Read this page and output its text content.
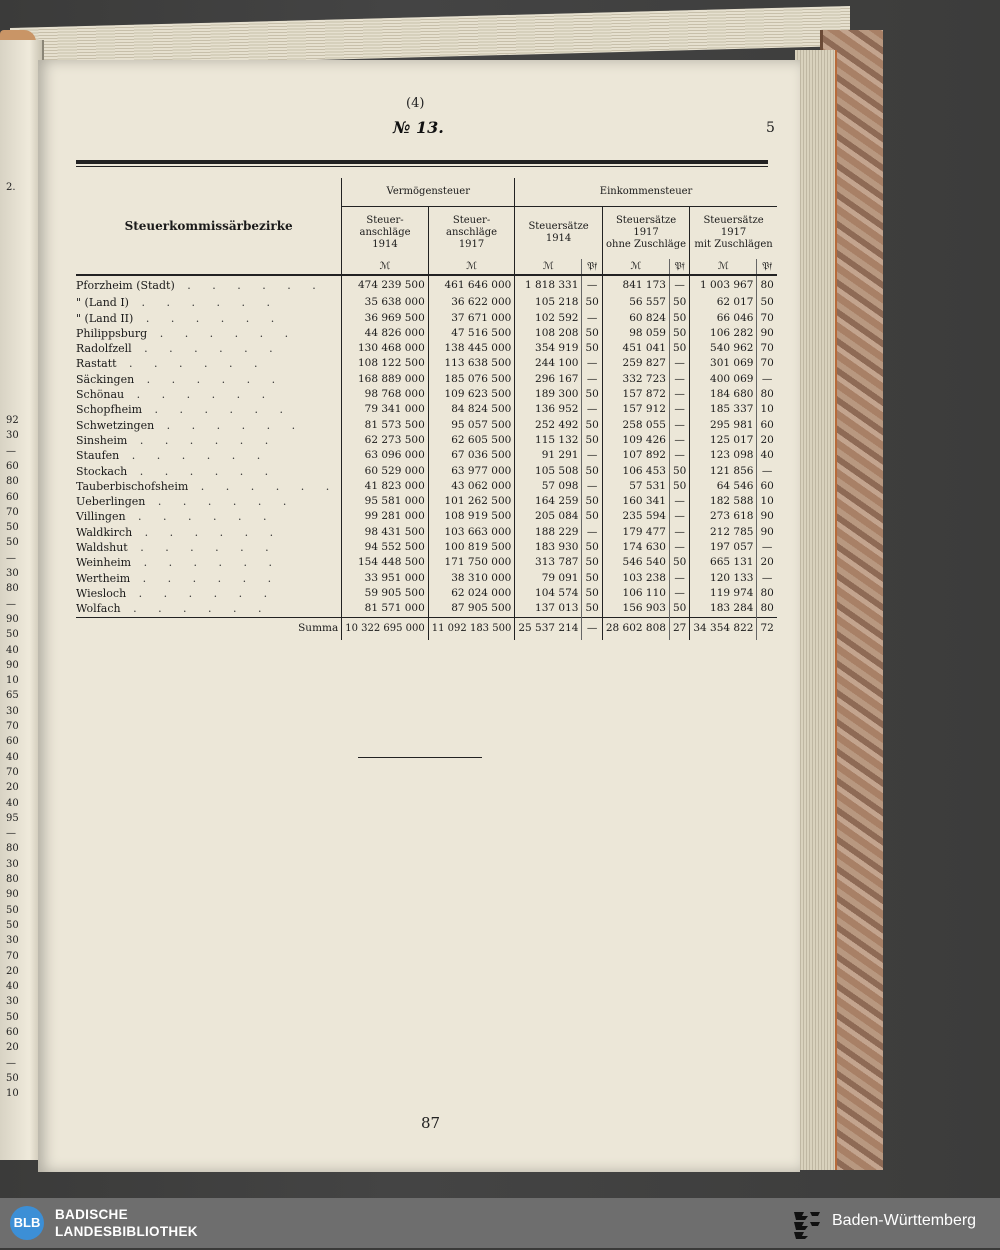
2.
92
30
—
60
80
60
70
50
50
—
30
80
—
90
50
40
90
10
65
30
70
60
40
70
20
40
95
—
80
30
80
90
50
50
30
70
20
40
30
50
60
20
—
50
10
(4)
№ 13.	5
Steuerkommissärbezirke	Vermögensteuer		Einkommensteuer					
	Steuer-
anschläge
1914	Steuer-
anschläge
1917	Steuersätze
1914		Steuersätze
1917
ohne Zuschläge		Steuersätze
1917
mit Zuschlägen	
	ℳ	ℳ	ℳ	𝔓𝔣	ℳ	𝔓𝔣	ℳ	𝔓𝔣
Pforzheim (Stadt) . . . . . .	474 239 500	461 646 000	1 818 331	—	841 173	—	1 003 967	80
" (Land I) . . . . . .	35 638 000	36 622 000	105 218	50	56 557	50	62 017	50
" (Land II) . . . . . .	36 969 500	37 671 000	102 592	—	60 824	50	66 046	70
Philippsburg . . . . . .	44 826 000	47 516 500	108 208	50	98 059	50	106 282	90
Radolfzell . . . . . .	130 468 000	138 445 000	354 919	50	451 041	50	540 962	70
Rastatt . . . . . .	108 122 500	113 638 500	244 100	—	259 827	—	301 069	70
Säckingen . . . . . .	168 889 000	185 076 500	296 167	—	332 723	—	400 069	—
Schönau . . . . . .	98 768 000	109 623 500	189 300	50	157 872	—	184 680	80
Schopfheim . . . . . .	79 341 000	84 824 500	136 952	—	157 912	—	185 337	10
Schwetzingen . . . . . .	81 573 500	95 057 500	252 492	50	258 055	—	295 981	60
Sinsheim . . . . . .	62 273 500	62 605 500	115 132	50	109 426	—	125 017	20
Staufen . . . . . .	63 096 000	67 036 500	91 291	—	107 892	—	123 098	40
Stockach . . . . . .	60 529 000	63 977 000	105 508	50	106 453	50	121 856	—
Tauberbischofsheim . . . . . .	41 823 000	43 062 000	57 098	—	57 531	50	64 546	60
Ueberlingen . . . . . .	95 581 000	101 262 500	164 259	50	160 341	—	182 588	10
Villingen . . . . . .	99 281 000	108 919 500	205 084	50	235 594	—	273 618	90
Waldkirch . . . . . .	98 431 500	103 663 000	188 229	—	179 477	—	212 785	90
Waldshut . . . . . .	94 552 500	100 819 500	183 930	50	174 630	—	197 057	—
Weinheim . . . . . .	154 448 500	171 750 000	313 787	50	546 540	50	665 131	20
Wertheim . . . . . .	33 951 000	38 310 000	79 091	50	103 238	—	120 133	—
Wiesloch . . . . . .	59 905 500	62 024 000	104 574	50	106 110	—	119 974	80
Wolfach . . . . . .	81 571 000	87 905 500	137 013	50	156 903	50	183 284	80
Summa	10 322 695 000	11 092 183 500	25 537 214	—	28 602 808	27	34 354 822	72
87
BLB
BADISCHE
LANDESBIBLIOTHEK
Baden-Württemberg
